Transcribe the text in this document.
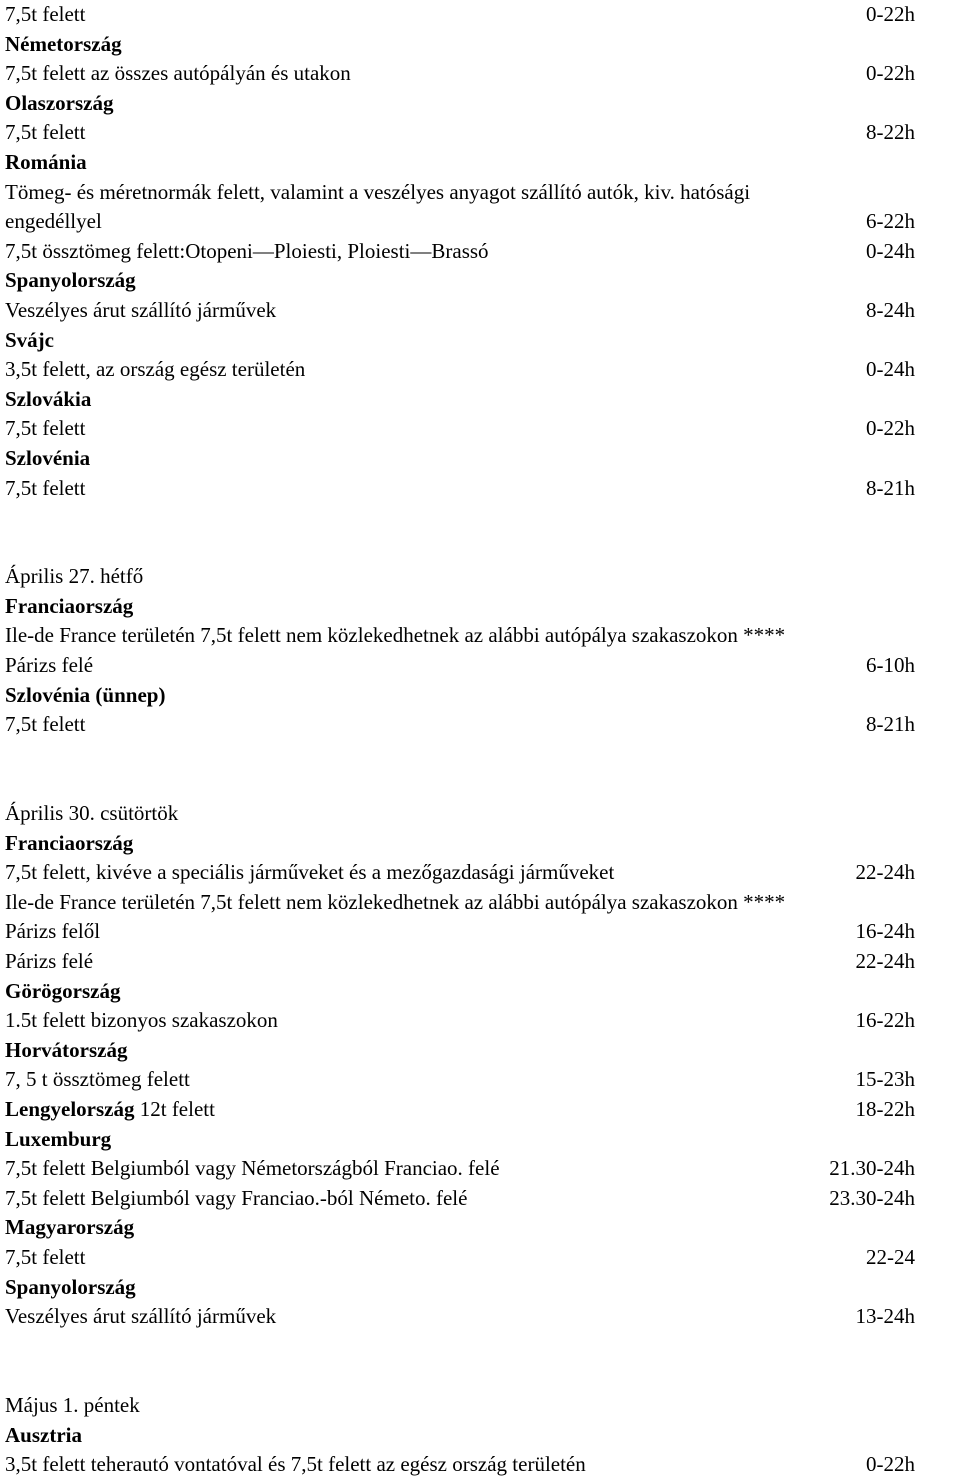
7,5t felett	0-22h
Németország
7,5t felett az összes autópályán és utakon	0-22h
Olaszország
7,5t felett	8-22h
Románia
Tömeg- és méretnormák felett, valamint a veszélyes anyagot szállító autók, kiv. hatósági
engedéllyel	6-22h
7,5t össztömeg felett:Otopeni—Ploiesti, Ploiesti—Brassó	0-24h
Spanyolország
Veszélyes árut szállító járművek	8-24h
Svájc
3,5t felett, az ország egész területén	0-24h
Szlovákia
7,5t felett	0-22h
Szlovénia
7,5t felett	8-21h
Április 27. hétfő
Franciaország
Ile-de France területén 7,5t felett nem közlekedhetnek az alábbi autópálya szakaszokon ****
Párizs felé	6-10h
Szlovénia (ünnep)
7,5t felett	8-21h
Április 30. csütörtök
Franciaország
7,5t felett, kivéve a speciális járműveket és a mezőgazdasági járműveket	22-24h
Ile-de France területén 7,5t felett nem közlekedhetnek az alábbi autópálya szakaszokon ****
Párizs felől	16-24h
Párizs felé	22-24h
Görögország
1.5t felett bizonyos szakaszokon	16-22h
Horvátország
7, 5 t össztömeg felett	15-23h
Lengyelország 12t felett	18-22h
Luxemburg
7,5t felett Belgiumból vagy Németországból Franciao. felé	21.30-24h
7,5t felett Belgiumból vagy Franciao.-ból Németo. felé	23.30-24h
Magyarország
7,5t felett	22-24
Spanyolország
Veszélyes árut szállító járművek	13-24h
Május 1. péntek
Ausztria
3,5t felett teherautó vontatóval és 7,5t felett az egész ország területén	0-22h
